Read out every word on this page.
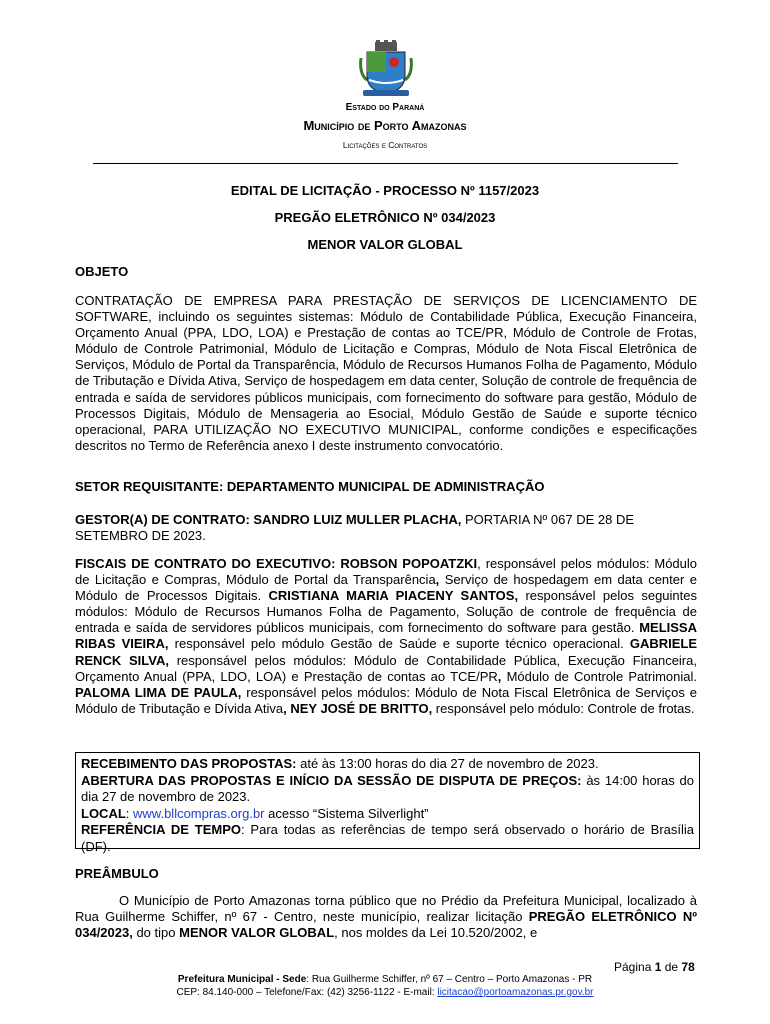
Estado do Paraná
Município de Porto Amazonas
Licitações e Contratos
EDITAL DE LICITAÇÃO - PROCESSO Nº 1157/2023
PREGÃO ELETRÔNICO Nº 034/2023
MENOR VALOR GLOBAL
OBJETO
CONTRATAÇÃO DE EMPRESA PARA PRESTAÇÃO DE SERVIÇOS DE LICENCIAMENTO DE SOFTWARE, incluindo os seguintes sistemas: Módulo de Contabilidade Pública, Execução Financeira, Orçamento Anual (PPA, LDO, LOA) e Prestação de contas ao TCE/PR, Módulo de Controle de Frotas, Módulo de Controle Patrimonial, Módulo de Licitação e Compras, Módulo de Nota Fiscal Eletrônica de Serviços, Módulo de Portal da Transparência, Módulo de Recursos Humanos Folha de Pagamento, Módulo de Tributação e Dívida Ativa, Serviço de hospedagem em data center, Solução de controle de frequência de entrada e saída de servidores públicos municipais, com fornecimento do software para gestão, Módulo de Processos Digitais, Módulo de Mensageria ao Esocial, Módulo Gestão de Saúde e suporte técnico operacional, PARA UTILIZAÇÃO NO EXECUTIVO MUNICIPAL, conforme condições e especificações descritos no Termo de Referência anexo I deste instrumento convocatório.
SETOR REQUISITANTE: DEPARTAMENTO MUNICIPAL DE ADMINISTRAÇÃO
GESTOR(A) DE CONTRATO: SANDRO LUIZ MULLER PLACHA, PORTARIA Nº 067 DE 28 DE SETEMBRO DE 2023.
FISCAIS DE CONTRATO DO EXECUTIVO: ROBSON POPOATZKI, responsável pelos módulos: Módulo de Licitação e Compras, Módulo de Portal da Transparência, Serviço de hospedagem em data center e Módulo de Processos Digitais. CRISTIANA MARIA PIACENY SANTOS, responsável pelos seguintes módulos: Módulo de Recursos Humanos Folha de Pagamento, Solução de controle de frequência de entrada e saída de servidores públicos municipais, com fornecimento do software para gestão. MELISSA RIBAS VIEIRA, responsável pelo módulo Gestão de Saúde e suporte técnico operacional. GABRIELE RENCK SILVA, responsável pelos módulos: Módulo de Contabilidade Pública, Execução Financeira, Orçamento Anual (PPA, LDO, LOA) e Prestação de contas ao TCE/PR, Módulo de Controle Patrimonial. PALOMA LIMA DE PAULA, responsável pelos módulos: Módulo de Nota Fiscal Eletrônica de Serviços e Módulo de Tributação e Dívida Ativa, NEY JOSÉ DE BRITTO, responsável pelo módulo: Controle de frotas.
RECEBIMENTO DAS PROPOSTAS: até às 13:00 horas do dia 27 de novembro de 2023.
ABERTURA DAS PROPOSTAS E INÍCIO DA SESSÃO DE DISPUTA DE PREÇOS: às 14:00 horas do dia 27 de novembro de 2023.
LOCAL: www.bllcompras.org.br acesso “Sistema Silverlight”
REFERÊNCIA DE TEMPO: Para todas as referências de tempo será observado o horário de Brasília (DF).
PREÂMBULO
O Município de Porto Amazonas torna público que no Prédio da Prefeitura Municipal, localizado à Rua Guilherme Schiffer, nº 67 - Centro, neste município, realizar licitação PREGÃO ELETRÔNICO Nº 034/2023, do tipo MENOR VALOR GLOBAL, nos moldes da Lei 10.520/2002, e
Página 1 de 78
Prefeitura Municipal - Sede: Rua Guilherme Schiffer, nº 67 – Centro – Porto Amazonas - PR
CEP: 84.140-000 – Telefone/Fax: (42) 3256-1122 - E-mail: licitacao@portoamazonas.pr.gov.br
